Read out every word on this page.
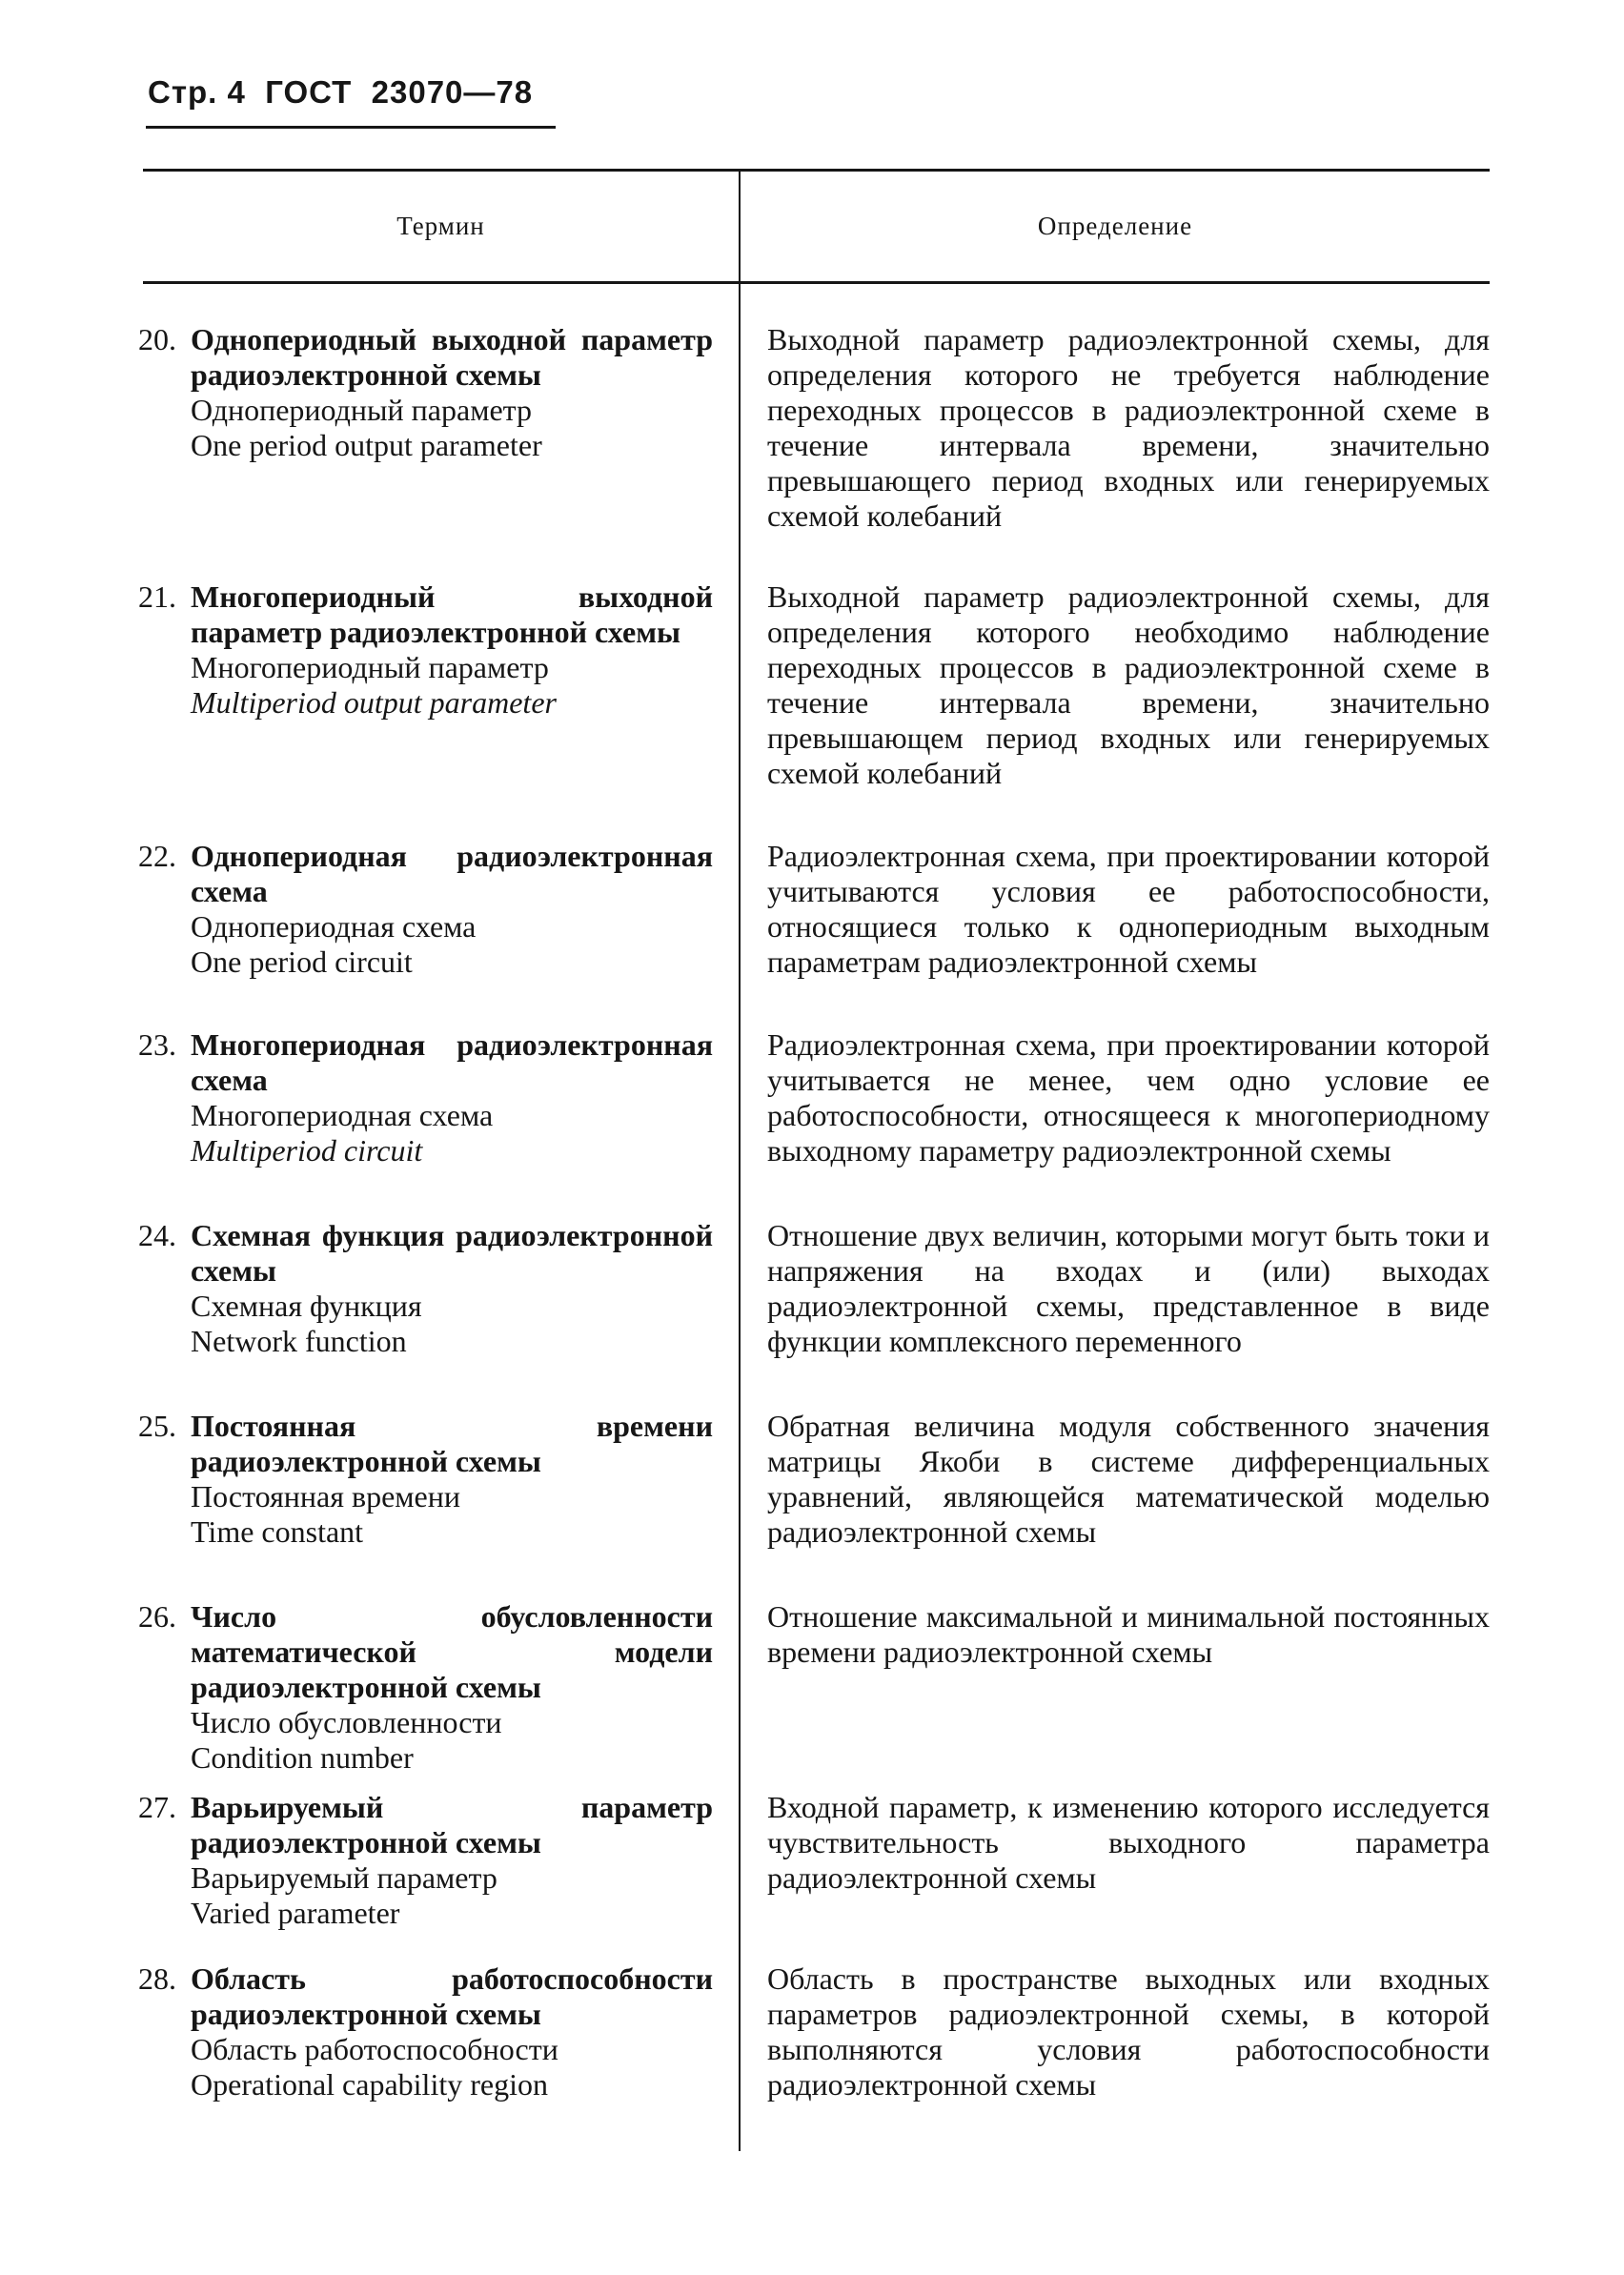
Стр. 4 ГОСТ 23070—78
Термин	Определение
20. Однопериодный выходной параметр радиоэлектронной схемы
Однопериодный параметр
One period output parameter
Выходной параметр радиоэлектронной схемы, для определения которого не требуется наблюдение переходных процессов в радиоэлектронной схеме в течение интервала времени, значительно превышающего период входных или генерируемых схемой колебаний
21. Многопериодный выходной параметр радиоэлектронной схемы
Многопериодный параметр
Multiperiod output parameter
Выходной параметр радиоэлектронной схемы, для определения которого необходимо наблюдение переходных процессов в радиоэлектронной схеме в течение интервала времени, значительно превышающем период входных или генерируемых схемой колебаний
22. Однопериодная радиоэлектронная схема
Однопериодная схема
One period circuit
Радиоэлектронная схема, при проектировании которой учитываются условия ее работоспособности, относящиеся только к однопериодным выходным параметрам радиоэлектронной схемы
23. Многопериодная радиоэлектронная схема
Многопериодная схема
Multiperiod circuit
Радиоэлектронная схема, при проектировании которой учитывается не менее, чем одно условие ее работоспособности, относящееся к многопериодному выходному параметру радиоэлектронной схемы
24. Схемная функция радиоэлектронной схемы
Схемная функция
Network function
Отношение двух величин, которыми могут быть токи и напряжения на входах и (или) выходах радиоэлектронной схемы, представленное в виде функции комплексного переменного
25. Постоянная времени радиоэлектронной схемы
Постоянная времени
Time constant
Обратная величина модуля собственного значения матрицы Якоби в системе дифференциальных уравнений, являющейся математической моделью радиоэлектронной схемы
26. Число обусловленности математической модели радиоэлектронной схемы
Число обусловленности
Condition number
Отношение максимальной и минимальной постоянных времени радиоэлектронной схемы
27. Варьируемый параметр радиоэлектронной схемы
Варьируемый параметр
Varied parameter
Входной параметр, к изменению которого исследуется чувствительность выходного параметра радиоэлектронной схемы
28. Область работоспособности радиоэлектронной схемы
Область работоспособности
Operational capability region
Область в пространстве выходных или входных параметров радиоэлектронной схемы, в которой выполняются условия работоспособности радиоэлектронной схемы
